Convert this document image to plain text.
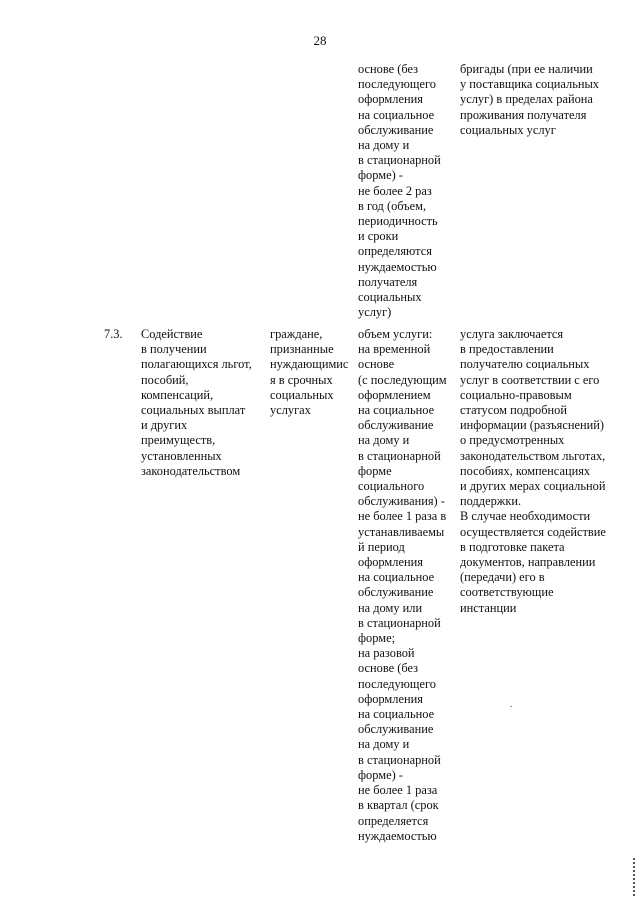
28
основе (без
последующего
оформления
на социальное
обслуживание
на дому и
в стационарной
форме) -
не более 2 раз
в год (объем,
периодичность
и сроки
определяются
нуждаемостью
получателя
социальных
услуг)
бригады (при ее наличии
у поставщика социальных
услуг) в пределах района
проживания получателя
социальных услуг
7.3.	Содействие
в получении
полагающихся льгот,
пособий,
компенсаций,
социальных выплат
и других
преимуществ,
установленных
законодательством
граждане,
признанные
нуждающимис
я в срочных
социальных
услугах
объем услуги:
на временной
основе
(с последующим
оформлением
на социальное
обслуживание
на дому и
в стационарной
форме
социального
обслуживания) -
не более 1 раза в
устанавливаемы
й период
оформления
на социальное
обслуживание
на дому или
в стационарной
форме;
на разовой
основе (без
последующего
оформления
на социальное
обслуживание
на дому и
в стационарной
форме) -
не более 1 раза
в квартал (срок
определяется
нуждаемостью
услуга заключается
в предоставлении
получателю социальных
услуг в соответствии с его
социально-правовым
статусом подробной
информации (разъяснений)
о предусмотренных
законодательством льготах,
пособиях, компенсациях
и других мерах социальной
поддержки.
В случае необходимости
осуществляется содействие
в подготовке пакета
документов, направлении
(передачи) его в
соответствующие
инстанции
